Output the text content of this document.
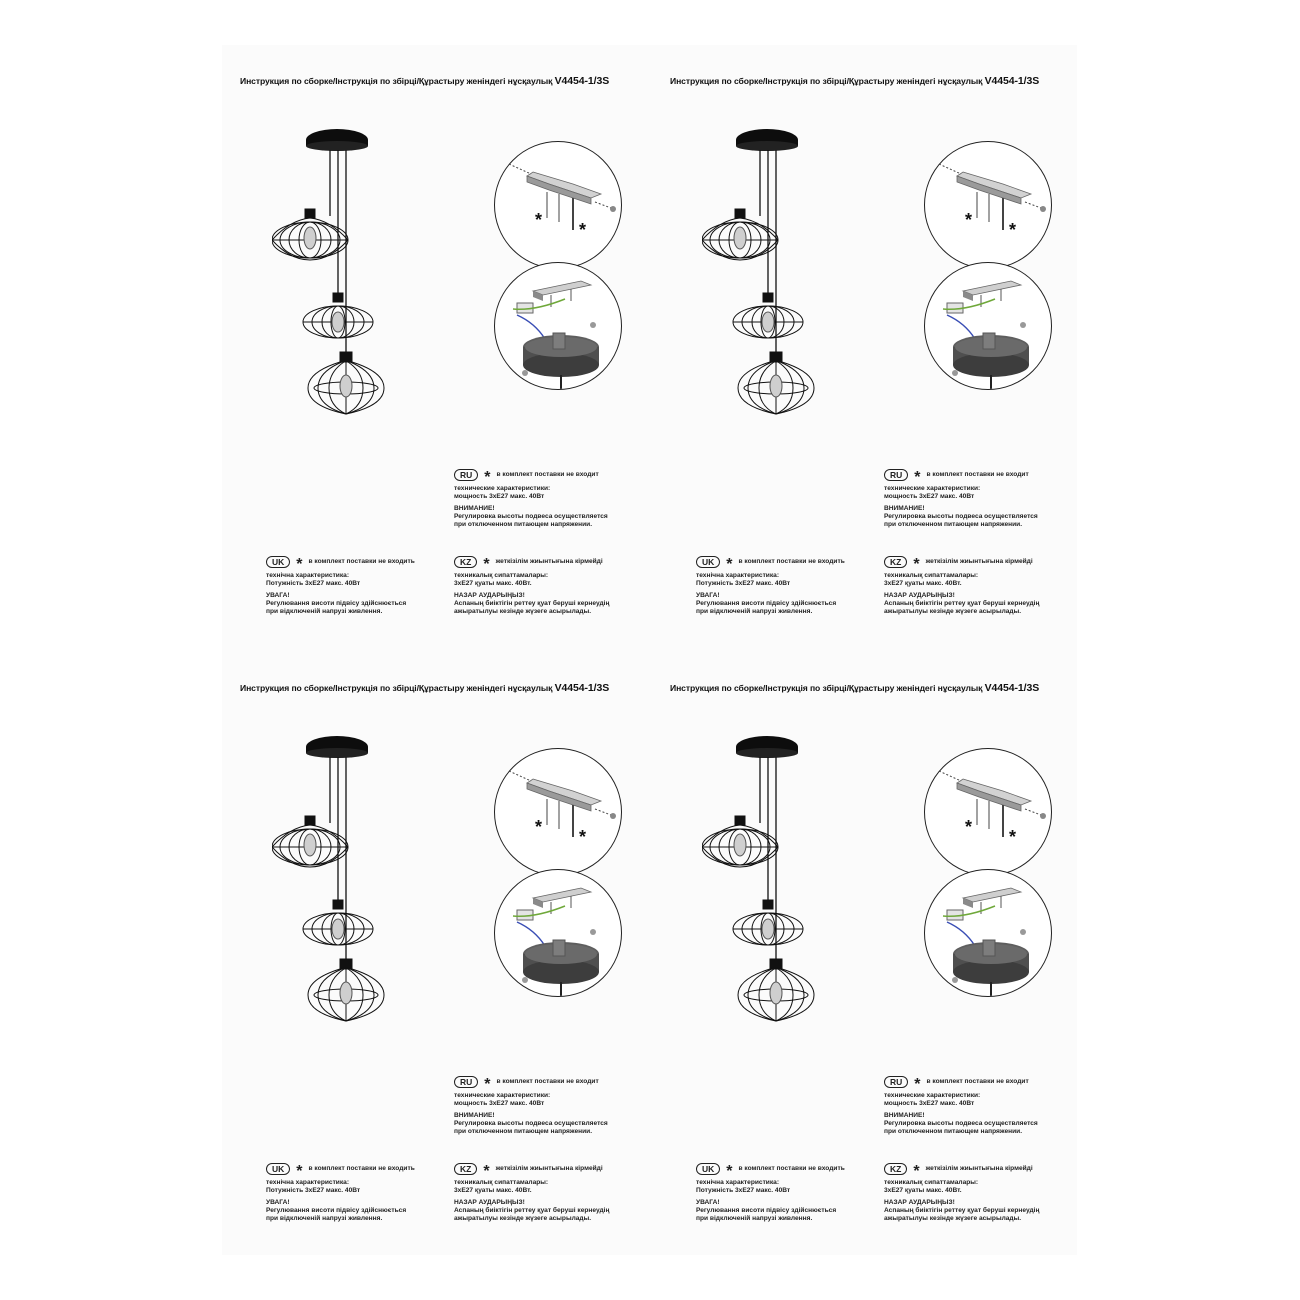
Инструкция по сборке/Інструкція по збірці/Құрастыру женіндегі нұсқаулық V4454-1/3S
* *
RU * в комплект поставки не входит
технические характеристики:
мощность 3хE27 макс. 40Вт
ВНИМАНИЕ!
Регулировка высоты подвеса осуществляется
при отключенном питающем напряжении.
UK * в комплект поставки не входить
технічна характеристика:
Потужність 3хE27 макс. 40Вт
УВАГА!
Регулювання висоти підвісу здійснюється
при відключеній напрузі живлення.
KZ * жеткізілім жиынтығына кірмейді
техникалық сипаттамалары:
3хE27 қуаты макс. 40Вт.
НАЗАР АУДАРЫҢЫЗ!
Аспаның биіктігін реттеу қуат беруші кернеудің
ажыратылуы кезінде жүзеге асырылады.
Инструкция по сборке/Інструкція по збірці/Құрастыру женіндегі нұсқаулық V4454-1/3S
* *
RU * в комплект поставки не входит
технические характеристики:
мощность 3хE27 макс. 40Вт
ВНИМАНИЕ!
Регулировка высоты подвеса осуществляется
при отключенном питающем напряжении.
UK * в комплект поставки не входить
технічна характеристика:
Потужність 3хE27 макс. 40Вт
УВАГА!
Регулювання висоти підвісу здійснюється
при відключеній напрузі живлення.
KZ * жеткізілім жиынтығына кірмейді
техникалық сипаттамалары:
3хE27 қуаты макс. 40Вт.
НАЗАР АУДАРЫҢЫЗ!
Аспаның биіктігін реттеу қуат беруші кернеудің
ажыратылуы кезінде жүзеге асырылады.
Инструкция по сборке/Інструкція по збірці/Құрастыру женіндегі нұсқаулық V4454-1/3S
* *
RU * в комплект поставки не входит
технические характеристики:
мощность 3хE27 макс. 40Вт
ВНИМАНИЕ!
Регулировка высоты подвеса осуществляется
при отключенном питающем напряжении.
UK * в комплект поставки не входить
технічна характеристика:
Потужність 3хE27 макс. 40Вт
УВАГА!
Регулювання висоти підвісу здійснюється
при відключеній напрузі живлення.
KZ * жеткізілім жиынтығына кірмейді
техникалық сипаттамалары:
3хE27 қуаты макс. 40Вт.
НАЗАР АУДАРЫҢЫЗ!
Аспаның биіктігін реттеу қуат беруші кернеудің
ажыратылуы кезінде жүзеге асырылады.
Инструкция по сборке/Інструкція по збірці/Құрастыру женіндегі нұсқаулық V4454-1/3S
* *
RU * в комплект поставки не входит
технические характеристики:
мощность 3хE27 макс. 40Вт
ВНИМАНИЕ!
Регулировка высоты подвеса осуществляется
при отключенном питающем напряжении.
UK * в комплект поставки не входить
технічна характеристика:
Потужність 3хE27 макс. 40Вт
УВАГА!
Регулювання висоти підвісу здійснюється
при відключеній напрузі живлення.
KZ * жеткізілім жиынтығына кірмейді
техникалық сипаттамалары:
3хE27 қуаты макс. 40Вт.
НАЗАР АУДАРЫҢЫЗ!
Аспаның биіктігін реттеу қуат беруші кернеудің
ажыратылуы кезінде жүзеге асырылады.
